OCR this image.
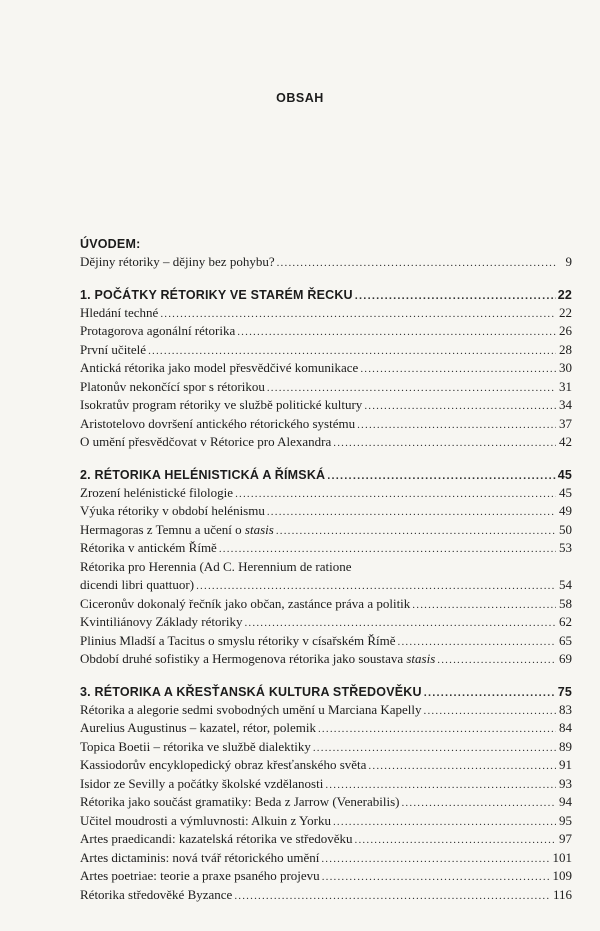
OBSAH
ÚVODEM:
Dějiny rétoriky – dějiny bez pohybu? .....	9
1. POČÁTKY RÉTORIKY VE STARÉM ŘECKU .....	22
Hledání techné .....	22
Protagorova agonální rétorika .....	26
První učitelé .....	28
Antická rétorika jako model přesvědčivé komunikace .....	30
Platonův nekončící spor s rétorikou .....	31
Isokratův program rétoriky ve službě politické kultury .....	34
Aristotelovo dovršení antického rétorického systému .....	37
O umění přesvědčovat v Rétorice pro Alexandra .....	42
2. RÉTORIKA HELÉNISTICKÁ A ŘÍMSKÁ .....	45
Zrození helénistické filologie .....	45
Výuka rétoriky v období helénismu .....	49
Hermagoras z Temnu a učení o stasis .....	50
Rétorika v antickém Římě .....	53
Rétorika pro Herennia (Ad C. Herennium de ratione
dicendi libri quattuor) .....	54
Ciceronův dokonalý řečník jako občan, zastánce práva a politik .....	58
Kvintiliánovy Základy rétoriky .....	62
Plinius Mladší a Tacitus o smyslu rétoriky v císařském Římě .....	65
Období druhé sofistiky a Hermogenova rétorika jako soustava stasis .....	69
3. RÉTORIKA A KŘESŤANSKÁ KULTURA STŘEDOVĚKU .....	75
Rétorika a alegorie sedmi svobodných umění u Marciana Kapelly .....	83
Aurelius Augustinus – kazatel, rétor, polemik .....	84
Topica Boetii – rétorika ve službě dialektiky .....	89
Kassiodorův encyklopedický obraz křesťanského světa .....	91
Isidor ze Sevilly a počátky školské vzdělanosti .....	93
Rétorika jako součást gramatiky: Beda z Jarrow (Venerabilis) .....	94
Učitel moudrosti a výmluvnosti: Alkuin z Yorku .....	95
Artes praedicandi: kazatelská rétorika ve středověku .....	97
Artes dictaminis: nová tvář rétorického umění .....	101
Artes poetriae: teorie a praxe psaného projevu .....	109
Rétorika středověké Byzance .....	116
